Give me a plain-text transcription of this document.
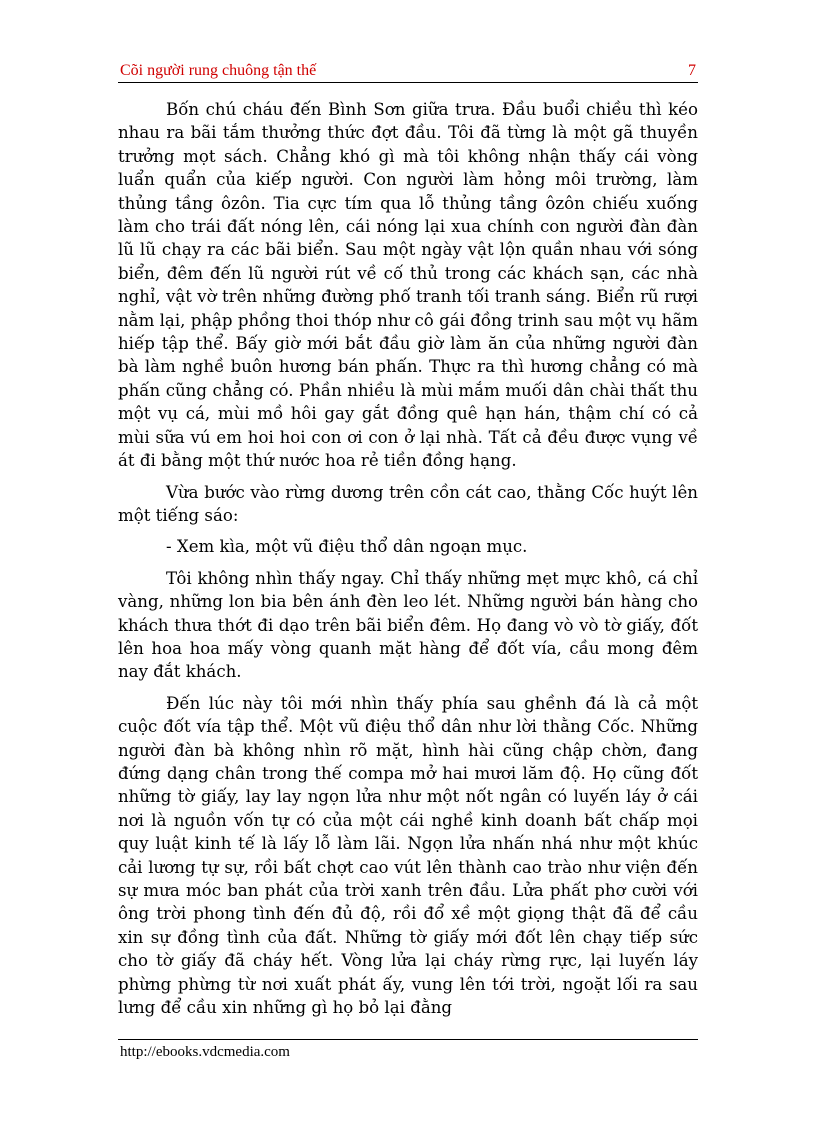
Cõi người rung chuông tận thế	7

Bốn chú cháu đến Bình Sơn giữa trưa. Đầu buổi chiều thì kéo nhau ra bãi tắm thưởng thức đợt đầu. Tôi đã từng là một gã thuyền trưởng mọt sách. Chẳng khó gì mà tôi không nhận thấy cái vòng luẩn quẩn của kiếp người. Con người làm hỏng môi trường, làm thủng tầng ôzôn. Tia cực tím qua lỗ thủng tầng ôzôn chiếu xuống làm cho trái đất nóng lên, cái nóng lại xua chính con người đàn đàn lũ lũ chạy ra các bãi biển. Sau một ngày vật lộn quần nhau với sóng biển, đêm đến lũ người rút về cố thủ trong các khách sạn, các nhà nghỉ, vật vờ trên những đường phố tranh tối tranh sáng. Biển rũ rượi nằm lại, phập phồng thoi thóp như cô gái đồng trinh sau một vụ hãm hiếp tập thể. Bấy giờ mới bắt đầu giờ làm ăn của những người đàn bà làm nghề buôn hương bán phấn. Thực ra thì hương chẳng có mà phấn cũng chẳng có. Phần nhiều là mùi mắm muối dân chài thất thu một vụ cá, mùi mồ hôi gay gắt đồng quê hạn hán, thậm chí có cả mùi sữa vú em hoi hoi con ơi con ở lại nhà. Tất cả đều được vụng về át đi bằng một thứ nước hoa rẻ tiền đồng hạng.

Vừa bước vào rừng dương trên cồn cát cao, thằng Cốc huýt lên một tiếng sáo:

- Xem kìa, một vũ điệu thổ dân ngoạn mục.

Tôi không nhìn thấy ngay. Chỉ thấy những mẹt mực khô, cá chỉ vàng, những lon bia bên ánh đèn leo lét. Những người bán hàng cho khách thưa thớt đi dạo trên bãi biển đêm. Họ đang vò vò tờ giấy, đốt lên hoa hoa mấy vòng quanh mặt hàng để đốt vía, cầu mong đêm nay đắt khách.

Đến lúc này tôi mới nhìn thấy phía sau ghềnh đá là cả một cuộc đốt vía tập thể. Một vũ điệu thổ dân như lời thằng Cốc. Những người đàn bà không nhìn rõ mặt, hình hài cũng chập chờn, đang đứng dạng chân trong thế compa mở hai mươi lăm độ. Họ cũng đốt những tờ giấy, lay lay ngọn lửa như một nốt ngân có luyến láy ở cái nơi là nguồn vốn tự có của một cái nghề kinh doanh bất chấp mọi quy luật kinh tế là lấy lỗ làm lãi. Ngọn lửa nhấn nhá như một khúc cải lương tự sự, rồi bất chợt cao vút lên thành cao trào như viện đến sự mưa móc ban phát của trời xanh trên đầu. Lửa phất phơ cười với ông trời phong tình đến đủ độ, rồi đổ xề một giọng thật đã để cầu xin sự đồng tình của đất. Những tờ giấy mới đốt lên chạy tiếp sức cho tờ giấy đã cháy hết. Vòng lửa lại cháy rừng rực, lại luyến láy phừng phừng từ nơi xuất phát ấy, vung lên tới trời, ngoặt lối ra sau lưng để cầu xin những gì họ bỏ lại đằng

http://ebooks.vdcmedia.com
